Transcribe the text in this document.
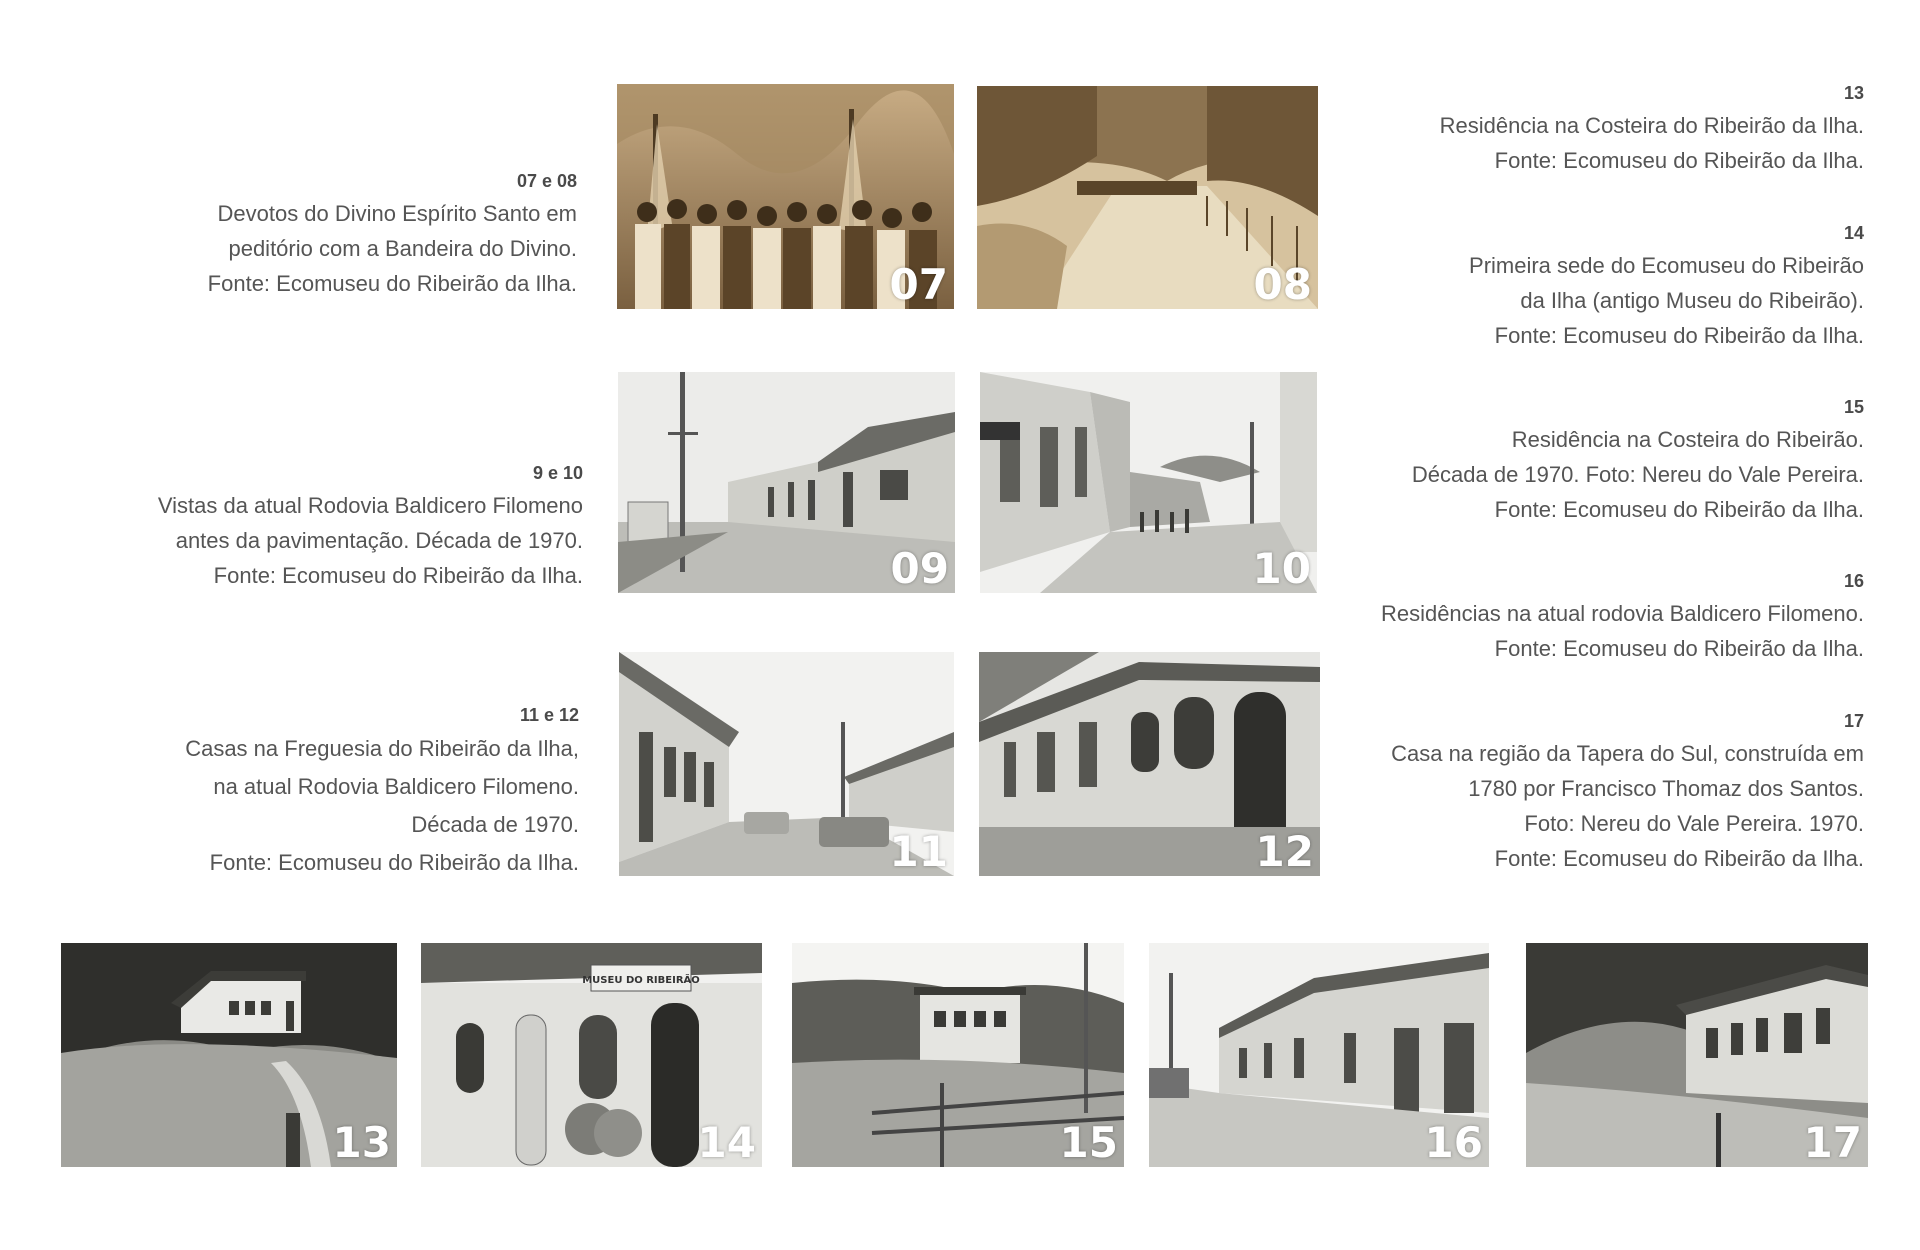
07 e 08
Devotos do Divino Espírito Santo em
peditório com a Bandeira do Divino.
Fonte: Ecomuseu do Ribeirão da Ilha.
9 e 10
Vistas da atual Rodovia Baldicero Filomeno
antes da pavimentação. Década de 1970.
Fonte: Ecomuseu do Ribeirão da Ilha.
11 e 12
Casas na Freguesia do Ribeirão da Ilha,
na atual Rodovia Baldicero Filomeno.
Década de 1970.
Fonte: Ecomuseu do Ribeirão da Ilha.
13
Residência na Costeira do Ribeirão da Ilha.
Fonte: Ecomuseu do Ribeirão da Ilha.
14
Primeira sede do Ecomuseu do Ribeirão
da Ilha (antigo Museu do Ribeirão).
Fonte: Ecomuseu do Ribeirão da Ilha.
15
Residência na Costeira do Ribeirão.
Década de 1970. Foto: Nereu do Vale Pereira.
Fonte: Ecomuseu do Ribeirão da Ilha.
16
Residências na atual rodovia Baldicero Filomeno.
Fonte: Ecomuseu do Ribeirão da Ilha.
17
Casa na região da Tapera do Sul, construída em
1780 por Francisco Thomaz dos Santos.
Foto: Nereu do Vale Pereira. 1970.
Fonte: Ecomuseu do Ribeirão da Ilha.
07	08
09	10
11	12
13
MUSEU DO RIBEIRÃO
14	15	16	17
